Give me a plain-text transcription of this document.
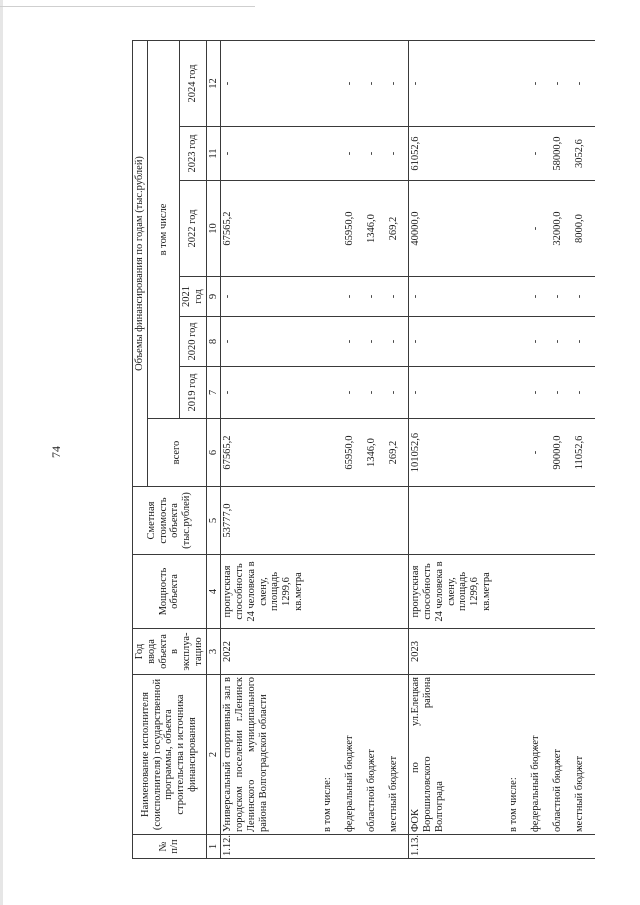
74
№ п/п	Наименование исполнителя (соисполнителя) государственной программы, объекта строительства и источника финансирования	Год ввода объекта в эксплуа-тацию	Мощность объекта	Сметная стоимость объекта (тыс.рублей)	Объемы финансирования по годам (тыс.рублей)						
					всего	в том числе					
						2019 год	2020 год	2021 год	2022 год	2023 год	2024 год
1	2	3	4	5	6	7	8	9	10	11	12
1.12.	Универсальный спортивный зал в городском поселении г.Ленинск Ленинского муниципального района Волгоградской области	2022	пропускная способность 24 человека в смену, площадь 1299,6 кв.метра	53777,0	67565,2	-	-	-	67565,2	-	-
	в том числе:										
	федеральный бюджет				65950,0	-	-	-	65950,0	-	-
	областной бюджет				1346,0	-	-	-	1346,0	-	-
	местный бюджет				269,2	-	-	-	269,2	-	-
1.13.	ФОК по ул.Елецкая Ворошиловского района Волгограда	2023	пропускная способность 24 человека в смену, площадь 1299,6 кв.метра		101052,6	-	-	-	40000,0	61052,6	-
	в том числе:										
	федеральный бюджет				-	-	-	-	-	-	-
	областной бюджет				90000,0	-	-	-	32000,0	58000,0	-
	местный бюджет				11052,6	-	-	-	8000,0	3052,6	-
